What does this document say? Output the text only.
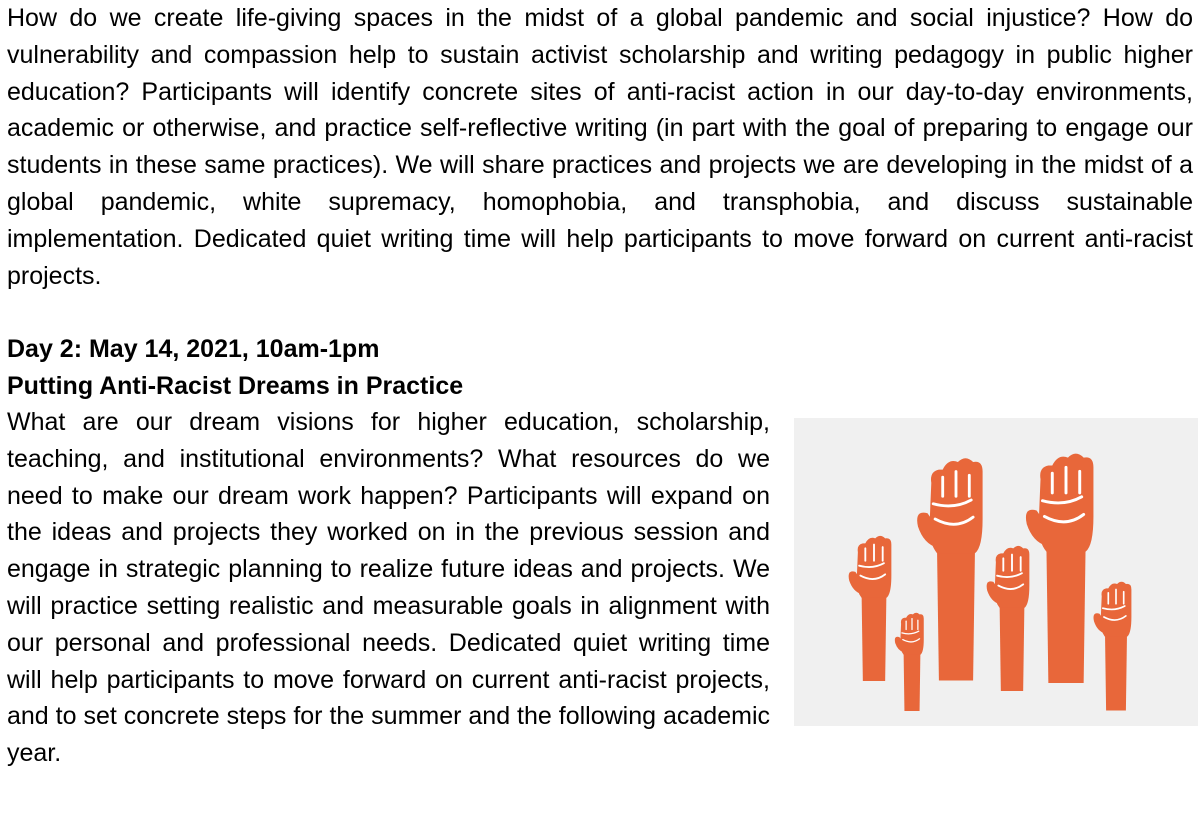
How do we create life-giving spaces in the midst of a global pandemic and social injustice? How do vulnerability and compassion help to sustain activist scholarship and writing pedagogy in public higher education? Participants will identify concrete sites of anti-racist action in our day-to-day environments, academic or otherwise, and practice self-reflective writing (in part with the goal of preparing to engage our students in these same practices). We will share practices and projects we are developing in the midst of a global pandemic, white supremacy, homophobia, and transphobia, and discuss sustainable implementation. Dedicated quiet writing time will help participants to move forward on current anti-racist projects.

Day 2: May 14, 2021, 10am-1pm
Putting Anti-Racist Dreams in Practice

What are our dream visions for higher education, scholarship, teaching, and institutional environments? What resources do we need to make our dream work happen? Participants will expand on the ideas and projects they worked on in the previous session and engage in strategic planning to realize future ideas and projects. We will practice setting realistic and measurable goals in alignment with our personal and professional needs. Dedicated quiet writing time will help participants to move forward on current anti-racist projects, and to set concrete steps for the summer and the following academic year.
